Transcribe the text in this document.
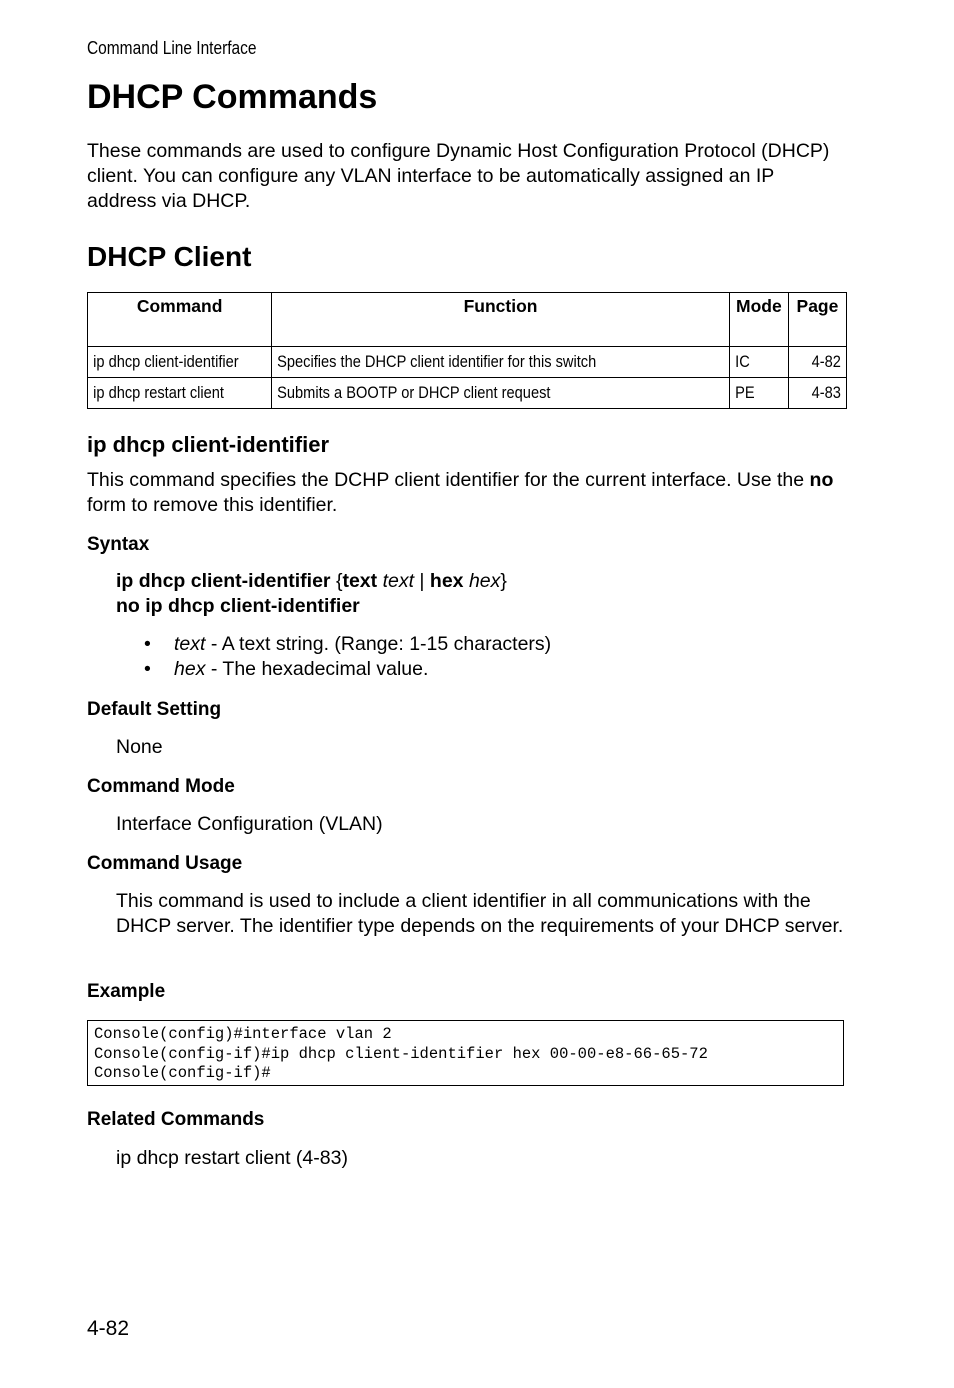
Command Line Interface
DHCP Commands

These commands are used to configure Dynamic Host Configuration Protocol (DHCP) client. You can configure any VLAN interface to be automatically assigned an IP address via DHCP.

DHCP Client
Command	Function	Mode	Page
ip dhcp client-identifier	Specifies the DHCP client identifier for this switch	IC	4-82
ip dhcp restart client	Submits a BOOTP or DHCP client request	PE	4-83
ip dhcp client-identifier

This command specifies the DCHP client identifier for the current interface. Use the no form to remove this identifier.

Syntax
ip dhcp client-identifier {text text | hex hex}
no ip dhcp client-identifier
• text - A text string. (Range: 1-15 characters)
• hex - The hexadecimal value.
Default Setting

None

Command Mode

Interface Configuration (VLAN)

Command Usage

This command is used to include a client identifier in all communications with the DHCP server. The identifier type depends on the requirements of your DHCP server.

Example
Console(config)#interface vlan 2
Console(config-if)#ip dhcp client-identifier hex 00-00-e8-66-65-72
Console(config-if)#
Related Commands

ip dhcp restart client (4-83)

4-82
